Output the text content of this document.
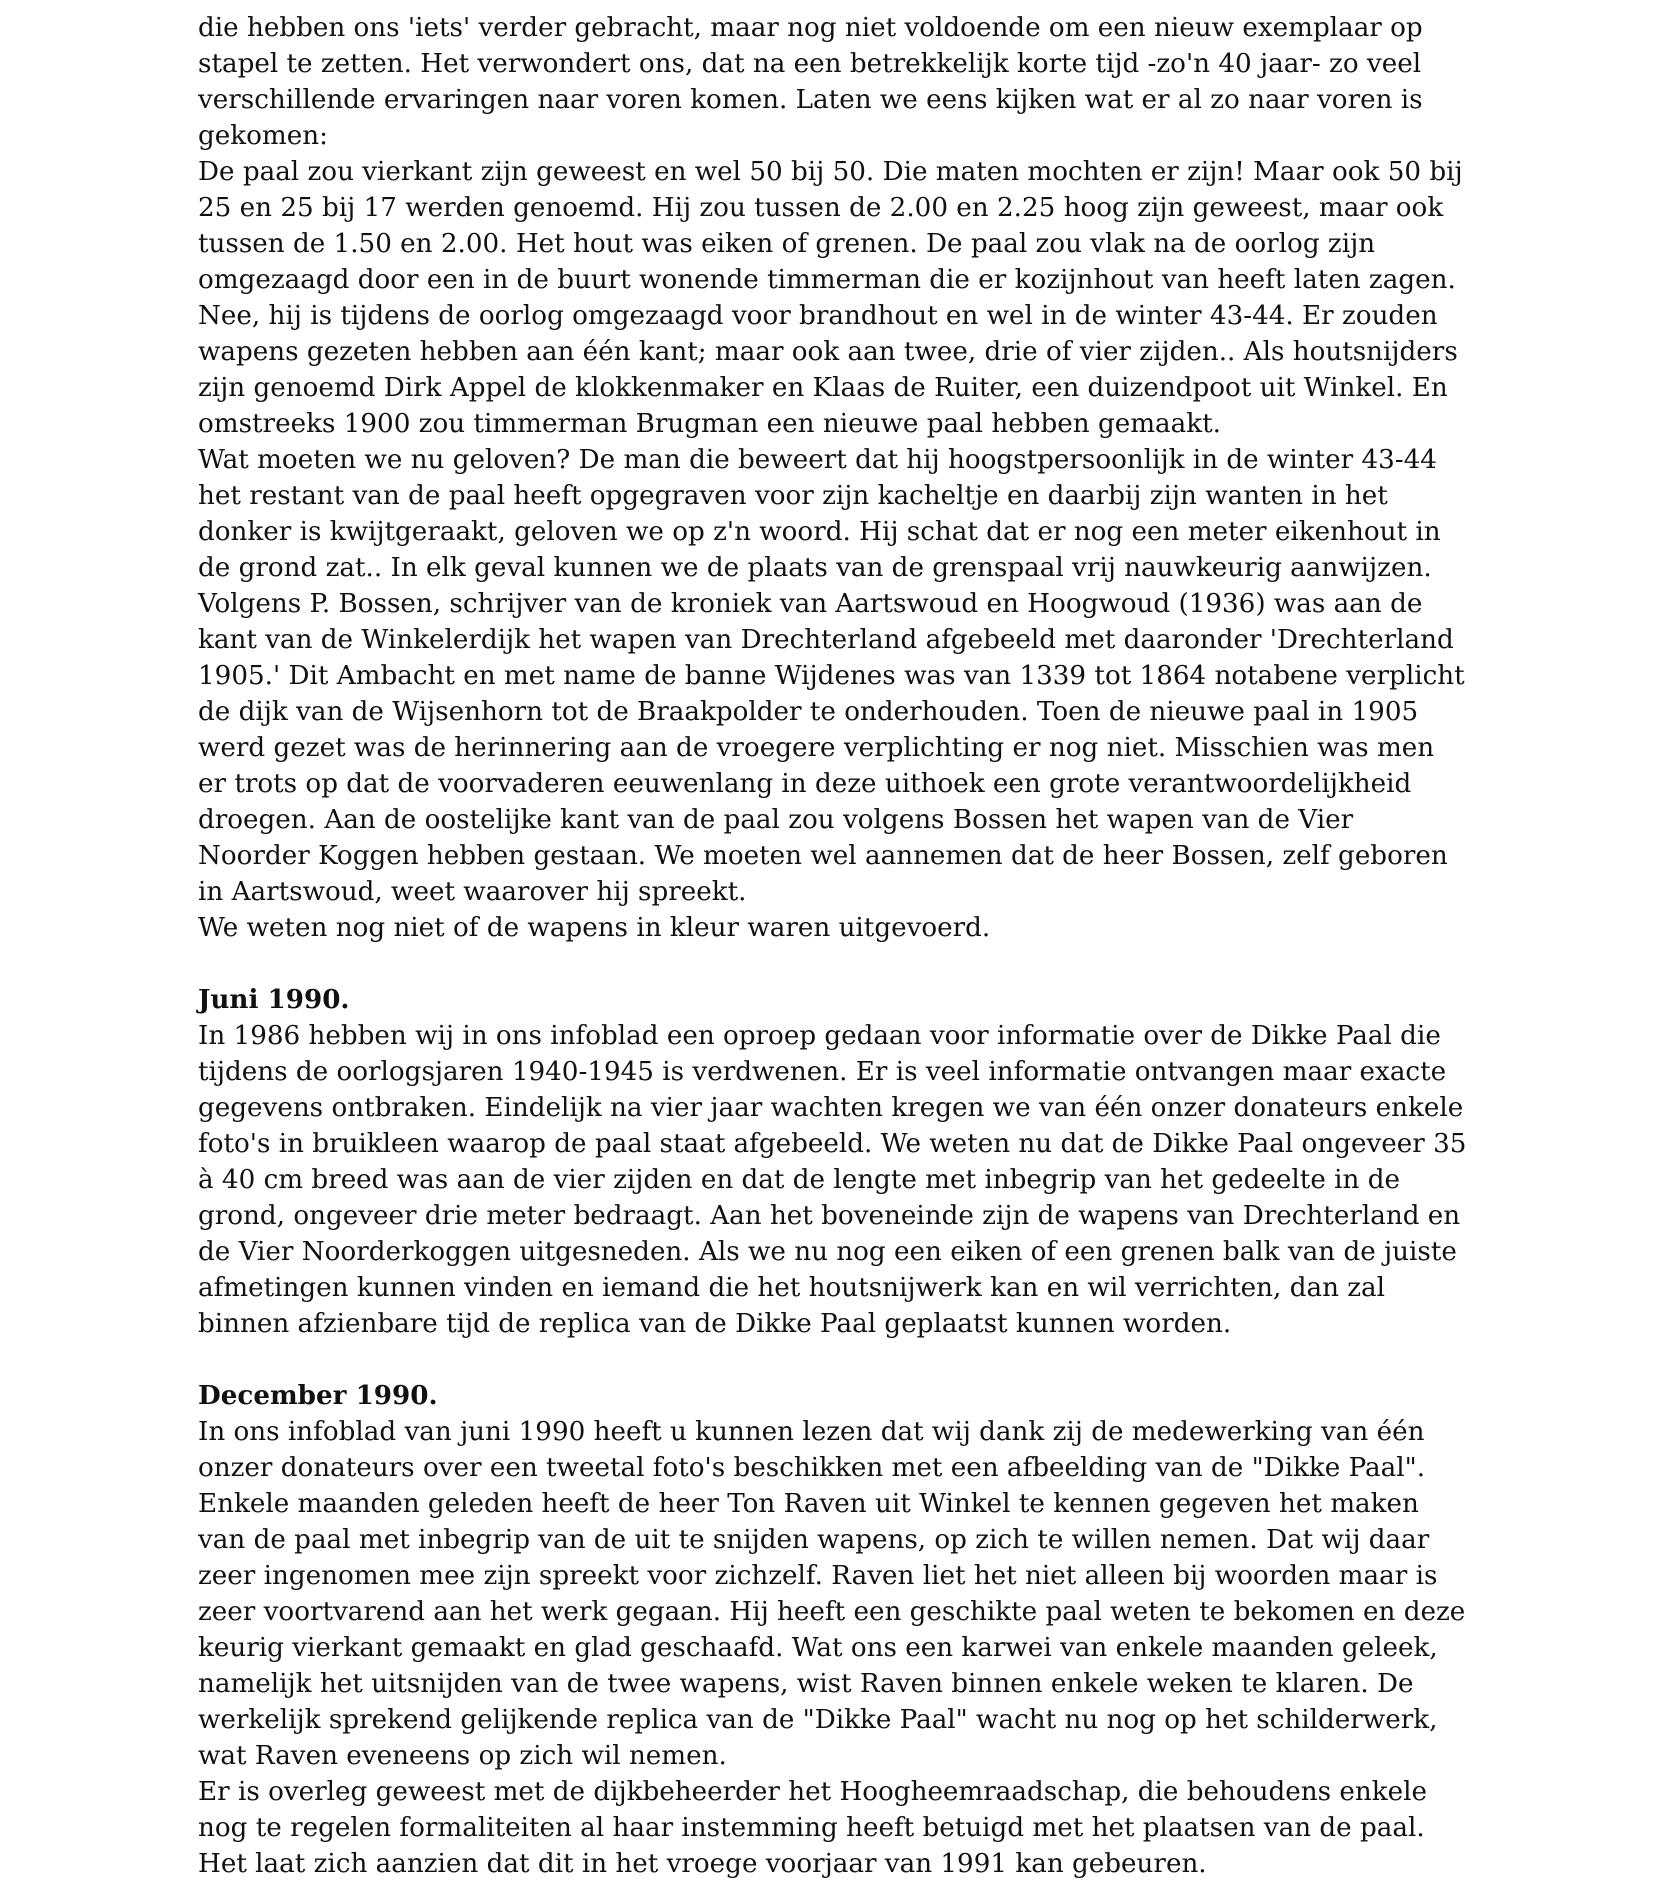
die hebben ons 'iets' verder gebracht, maar nog niet voldoende om een nieuw exemplaar op stapel te zetten. Het verwondert ons, dat na een betrekkelijk korte tijd -zo'n 40 jaar- zo veel verschillende ervaringen naar voren komen. Laten we eens kijken wat er al zo naar voren is gekomen:

De paal zou vierkant zijn geweest en wel 50 bij 50. Die maten mochten er zijn! Maar ook 50 bij 25 en 25 bij 17 werden genoemd. Hij zou tussen de 2.00 en 2.25 hoog zijn geweest, maar ook tussen de 1.50 en 2.00. Het hout was eiken of grenen. De paal zou vlak na de oorlog zijn omgezaagd door een in de buurt wonende timmerman die er kozijnhout van heeft laten zagen. Nee, hij is tijdens de oorlog omgezaagd voor brandhout en wel in de winter 43-44. Er zouden wapens gezeten hebben aan één kant; maar ook aan twee, drie of vier zijden.. Als houtsnijders zijn genoemd Dirk Appel de klokkenmaker en Klaas de Ruiter, een duizendpoot uit Winkel. En omstreeks 1900 zou timmerman Brugman een nieuwe paal hebben gemaakt.

Wat moeten we nu geloven? De man die beweert dat hij hoogstpersoonlijk in de winter 43-44 het restant van de paal heeft opgegraven voor zijn kacheltje en daarbij zijn wanten in het donker is kwijtgeraakt, geloven we op z'n woord. Hij schat dat er nog een meter eikenhout in de grond zat.. In elk geval kunnen we de plaats van de grenspaal vrij nauwkeurig aanwijzen. Volgens P. Bossen, schrijver van de kroniek van Aartswoud en Hoogwoud (1936) was aan de kant van de Winkelerdijk het wapen van Drechterland afgebeeld met daaronder 'Drechterland 1905.' Dit Ambacht en met name de banne Wijdenes was van 1339 tot 1864 notabene verplicht de dijk van de Wijsenhorn tot de Braakpolder te onderhouden. Toen de nieuwe paal in 1905 werd gezet was de herinnering aan de vroegere verplichting er nog niet. Misschien was men er trots op dat de voorvaderen eeuwenlang in deze uithoek een grote verantwoordelijkheid droegen. Aan de oostelijke kant van de paal zou volgens Bossen het wapen van de Vier Noorder Koggen hebben gestaan. We moeten wel aannemen dat de heer Bossen, zelf geboren in Aartswoud, weet waarover hij spreekt.

We weten nog niet of de wapens in kleur waren uitgevoerd.

Juni 1990.

In 1986 hebben wij in ons infoblad een oproep gedaan voor informatie over de Dikke Paal die tijdens de oorlogsjaren 1940-1945 is verdwenen. Er is veel informatie ontvangen maar exacte gegevens ontbraken. Eindelijk na vier jaar wachten kregen we van één onzer donateurs enkele foto's in bruikleen waarop de paal staat afgebeeld. We weten nu dat de Dikke Paal ongeveer 35 à 40 cm breed was aan de vier zijden en dat de lengte met inbegrip van het gedeelte in de grond, ongeveer drie meter bedraagt. Aan het boveneinde zijn de wapens van Drechterland en de Vier Noorderkoggen uitgesneden. Als we nu nog een eiken of een grenen balk van de juiste afmetingen kunnen vinden en iemand die het houtsnijwerk kan en wil verrichten, dan zal binnen afzienbare tijd de replica van de Dikke Paal geplaatst kunnen worden.

December 1990.

In ons infoblad van juni 1990 heeft u kunnen lezen dat wij dank zij de medewerking van één onzer donateurs over een tweetal foto's beschikken met een afbeelding van de "Dikke Paal". Enkele maanden geleden heeft de heer Ton Raven uit Winkel te kennen gegeven het maken van de paal met inbegrip van de uit te snijden wapens, op zich te willen nemen. Dat wij daar zeer ingenomen mee zijn spreekt voor zichzelf. Raven liet het niet alleen bij woorden maar is zeer voortvarend aan het werk gegaan. Hij heeft een geschikte paal weten te bekomen en deze keurig vierkant gemaakt en glad geschaafd. Wat ons een karwei van enkele maanden geleek, namelijk het uitsnijden van de twee wapens, wist Raven binnen enkele weken te klaren. De werkelijk sprekend gelijkende replica van de "Dikke Paal" wacht nu nog op het schilderwerk, wat Raven eveneens op zich wil nemen.

Er is overleg geweest met de dijkbeheerder het Hoogheemraadschap, die behoudens enkele nog te regelen formaliteiten al haar instemming heeft betuigd met het plaatsen van de paal. Het laat zich aanzien dat dit in het vroege voorjaar van 1991 kan gebeuren.
